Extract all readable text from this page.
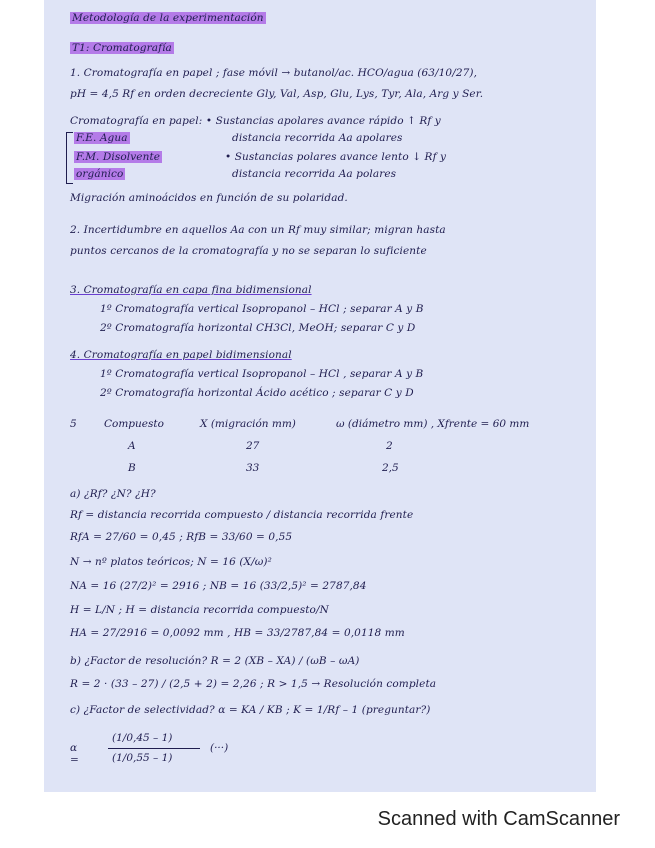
Metodología de la experimentación
T1: Cromatografía
1. Cromatografía en papel ; fase móvil → butanol/ac. HCO/agua (63/10/27),
pH = 4,5 Rf en orden decreciente Gly, Val, Asp, Glu, Lys, Tyr, Ala, Arg y Ser.
Cromatografía en papel: • Sustancias apolares avance rápido ↑ Rf y
F.E. Agua	distancia recorrida Aa apolares
F.M. Disolvente	• Sustancias polares avance lento ↓ Rf y
orgánico	distancia recorrida Aa polares
Migración aminoácidos en función de su polaridad.
2. Incertidumbre en aquellos Aa con un Rf muy similar; migran hasta
puntos cercanos de la cromatografía y no se separan lo suficiente
3. Cromatografía en capa fina bidimensional
1º Cromatografía vertical Isopropanol – HCl ; separar A y B
2º Cromatografía horizontal CH3Cl, MeOH; separar C y D
4. Cromatografía en papel bidimensional
1º Cromatografía vertical Isopropanol – HCl , separar A y B
2º Cromatografía horizontal Ácido acético ; separar C y D
5	Compuesto	X (migración mm)	ω (diámetro mm) , Xfrente = 60 mm
A	27	2
B	33	2,5
a) ¿Rf? ¿N? ¿H?
Rf = distancia recorrida compuesto / distancia recorrida frente
RfA = 27/60 = 0,45 ; RfB = 33/60 = 0,55
N → nº platos teóricos; N = 16 (X/ω)²
NA = 16 (27/2)² = 2916 ; NB = 16 (33/2,5)² = 2787,84
H = L/N ; H = distancia recorrida compuesto/N
HA = 27/2916 = 0,0092 mm , HB = 33/2787,84 = 0,0118 mm
b) ¿Factor de resolución? R = 2 (XB – XA) / (ωB – ωA)
R = 2 · (33 – 27) / (2,5 + 2) = 2,26 ; R > 1,5 → Resolución completa
c) ¿Factor de selectividad? α = KA / KB ; K = 1/Rf – 1 (preguntar?)
α =
(1/0,45 – 1)
(1/0,55 – 1)
(···)
Scanned with CamScanner
